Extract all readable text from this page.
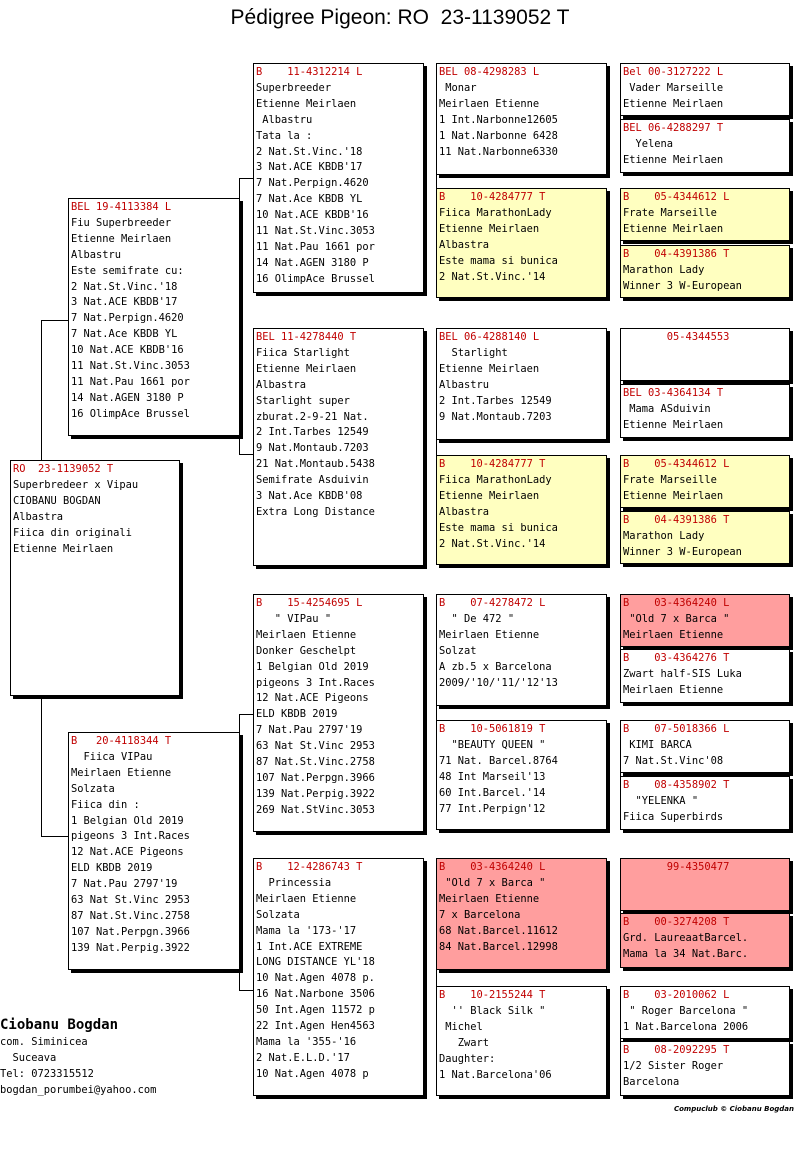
Pédigree Pigeon: RO  23-1139052 T
RO  23-1139052 T
Superbredeer x Vipau
CIOBANU BOGDAN
Albastra
Fiica din originali
Etienne Meirlaen
BEL 19-4113384 L
Fiu Superbreeder
Etienne Meirlaen
Albastru
Este semifrate cu:
2 Nat.St.Vinc.'18
3 Nat.ACE KBDB'17
7 Nat.Perpign.4620
7 Nat.Ace KBDB YL
10 Nat.ACE KBDB'16
11 Nat.St.Vinc.3053
11 Nat.Pau 1661 por
14 Nat.AGEN 3180 P
16 OlimpAce Brussel
B   20-4118344 T
Fiica VIPau
Meirlaen Etienne
Solzata
Fiica din :
1 Belgian Old 2019
pigeons 3 Int.Races
12 Nat.ACE Pigeons
ELD KBDB 2019
7 Nat.Pau 2797'19
63 Nat St.Vinc 2953
87 Nat.St.Vinc.2758
107 Nat.Perpgn.3966
139 Nat.Perpig.3922
B    11-4312214 L
Superbreeder
Etienne Meirlaen
Albastru
Tata la :
2 Nat.St.Vinc.'18
3 Nat.ACE KBDB'17
7 Nat.Perpign.4620
7 Nat.Ace KBDB YL
10 Nat.ACE KBDB'16
11 Nat.St.Vinc.3053
11 Nat.Pau 1661 por
14 Nat.AGEN 3180 P
16 OlimpAce Brussel
BEL 11-4278440 T
Fiica Starlight
Etienne Meirlaen
Albastra
Starlight super
zburat.2-9-21 Nat.
2 Int.Tarbes 12549
9 Nat.Montaub.7203
21 Nat.Montaub.5438
Semifrate Asduivin
3 Nat.Ace KBDB'08
Extra Long Distance
B    15-4254695 L
" VIPau "
Meirlaen Etienne
Donker Geschelpt
1 Belgian Old 2019
pigeons 3 Int.Races
12 Nat.ACE Pigeons
ELD KBDB 2019
7 Nat.Pau 2797'19
63 Nat St.Vinc 2953
87 Nat.St.Vinc.2758
107 Nat.Perpgn.3966
139 Nat.Perpig.3922
269 Nat.StVinc.3053
B    12-4286743 T
Princessia
Meirlaen Etienne
Solzata
Mama la '173-'17
1 Int.ACE EXTREME
LONG DISTANCE YL'18
10 Nat.Agen 4078 p.
16 Nat.Narbone 3506
50 Int.Agen 11572 p
22 Int.Agen Hen4563
Mama la '355-'16
2 Nat.E.L.D.'17
10 Nat.Agen 4078 p
BEL 08-4298283 L
Monar
Meirlaen Etienne
1 Int.Narbonne12605
1 Nat.Narbonne 6428
11 Nat.Narbonne6330
B    10-4284777 T
Fiica MarathonLady
Etienne Meirlaen
Albastra
Este mama si bunica
2 Nat.St.Vinc.'14
BEL 06-4288140 L
Starlight
Etienne Meirlaen
Albastru
2 Int.Tarbes 12549
9 Nat.Montaub.7203
B    10-4284777 T
Fiica MarathonLady
Etienne Meirlaen
Albastra
Este mama si bunica
2 Nat.St.Vinc.'14
B    07-4278472 L
" De 472 "
Meirlaen Etienne
Solzat
A zb.5 x Barcelona
2009/'10/'11/'12'13
B    10-5061819 T
"BEAUTY QUEEN "
71 Nat. Barcel.8764
48 Int Marseil'13
60 Int.Barcel.'14
77 Int.Perpign'12
B    03-4364240 L
"Old 7 x Barca "
Meirlaen Etienne
7 x Barcelona
68 Nat.Barcel.11612
84 Nat.Barcel.12998
B    10-2155244 T
'' Black Silk "
Michel
Zwart
Daughter:
1 Nat.Barcelona'06
Bel 00-3127222 L
Vader Marseille
Etienne Meirlaen
BEL 06-4288297 T
Yelena
Etienne Meirlaen
B    05-4344612 L
Frate Marseille
Etienne Meirlaen
B    04-4391386 T
Marathon Lady
Winner 3 W-European
05-4344553
BEL 03-4364134 T
Mama ASduivin
Etienne Meirlaen
B    05-4344612 L
Frate Marseille
Etienne Meirlaen
B    04-4391386 T
Marathon Lady
Winner 3 W-European
B    03-4364240 L
"Old 7 x Barca "
Meirlaen Etienne
B    03-4364276 T
Zwart half-SIS Luka
Meirlaen Etienne
B    07-5018366 L
KIMI BARCA
7 Nat.St.Vinc'08
B    08-4358902 T
"YELENKA "
Fiica Superbirds
99-4350477
B    00-3274208 T
Grd. LaureaatBarcel.
Mama la 34 Nat.Barc.
B    03-2010062 L
" Roger Barcelona "
1 Nat.Barcelona 2006
B    08-2092295 T
1/2 Sister Roger
Barcelona
Ciobanu Bogdan
com. Siminicea
Suceava
Tel: 0723315512
bogdan_porumbei@yahoo.com
Compuclub © Ciobanu Bogdan
